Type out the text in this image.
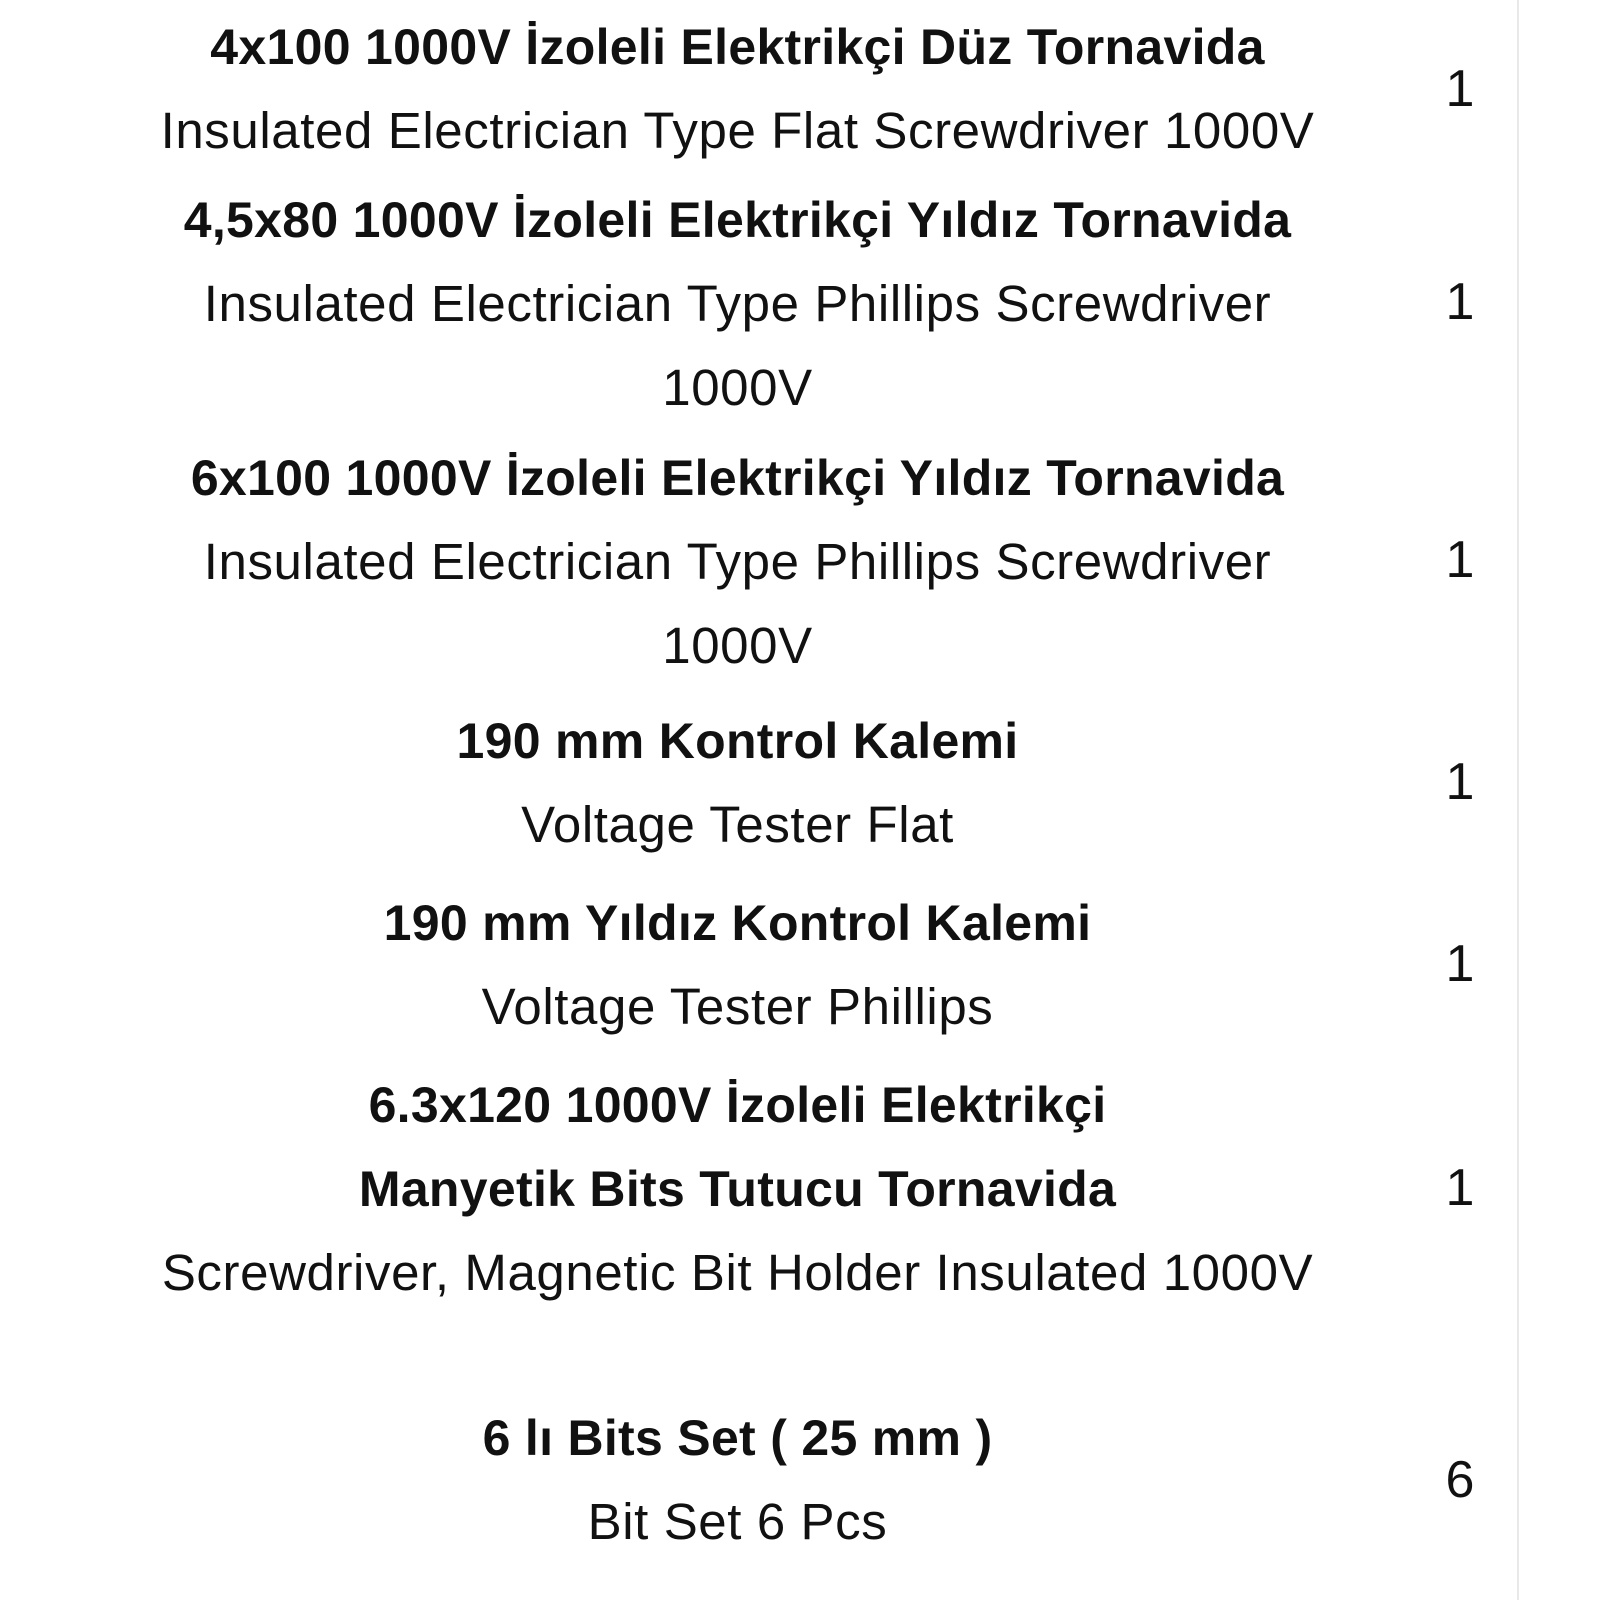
4x100 1000V İzoleli Elektrikçi Düz Tornavida
Insulated Electrician Type Flat Screwdriver 1000V
1
4,5x80 1000V İzoleli Elektrikçi Yıldız Tornavida
Insulated Electrician Type Phillips Screwdriver
1000V
1
6x100 1000V İzoleli Elektrikçi Yıldız Tornavida
Insulated Electrician Type Phillips Screwdriver
1000V
1
190 mm Kontrol Kalemi
Voltage Tester Flat
1
190 mm Yıldız Kontrol Kalemi
Voltage Tester Phillips
1
6.3x120 1000V İzoleli Elektrikçi
Manyetik Bits Tutucu Tornavida
Screwdriver, Magnetic Bit Holder Insulated 1000V
1
6 lı Bits Set ( 25 mm )
Bit Set 6 Pcs
6
